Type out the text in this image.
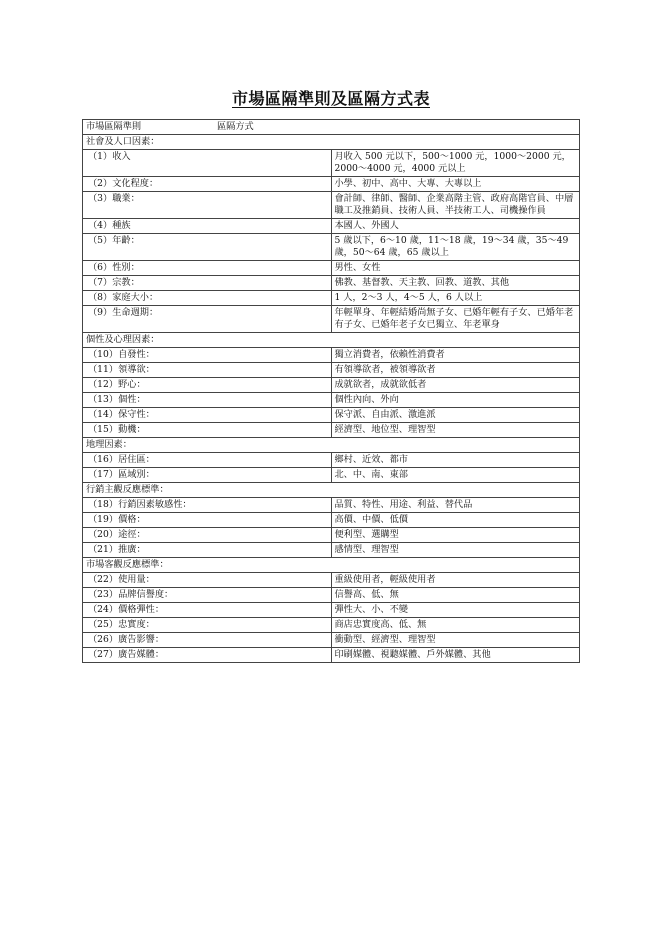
市場區隔準則及區隔方式表
市場區隔準則 區隔方式	
社會及人口因素：	
（1）收入	月收入 500 元以下，500～1000 元，1000～2000 元，2000～4000 元，4000 元以上
（2）文化程度：	小學、初中、高中、大專、大專以上
（3）職業：	會計師、律師、醫師、企業高階主管、政府高階官員、中層職工及推銷員、技術人員、半技術工人、司機操作員
（4）種族	本國人、外國人
（5）年齡：	5 歲以下，6～10 歲，11～18 歲，19～34 歲，35～49 歲，50～64 歲，65 歲以上
（6）性別：	男性、女性
（7）宗教：	佛教、基督教、天主教、回教、道教、其他
（8）家庭大小：	1 人，2～3 人，4～5 人，6 人以上
（9）生命週期：	年輕單身、年輕結婚尚無子女、已婚年輕有子女、已婚年老有子女、已婚年老子女已獨立、年老單身
個性及心理因素：	
（10）自發性：	獨立消費者，依賴性消費者
（11）領導欲：	有領導欲者，被領導欲者
（12）野心：	成就欲者，成就欲低者
（13）個性：	個性內向、外向
（14）保守性：	保守派、自由派、激進派
（15）動機：	經濟型、地位型、理智型
地理因素：	
（16）居住區：	鄉村、近效、都市
（17）區域別：	北、中、南、東部
行銷主觀反應標準：	
（18）行銷因素敏感性：	品質、特性、用途、利益、替代品
（19）價格：	高價、中價、低價
（20）途徑：	便利型、選購型
（21）推廣：	感情型、理智型
市場客觀反應標準：	
（22）使用量：	重級使用者，輕級使用者
（23）品牌信譽度：	信譽高、低、無
（24）價格彈性：	彈性大、小、不變
（25）忠實度：	商店忠實度高、低、無
（26）廣告影響：	衝動型、經濟型、理智型
（27）廣告媒體：	印刷媒體、視聽媒體、戶外媒體、其他
